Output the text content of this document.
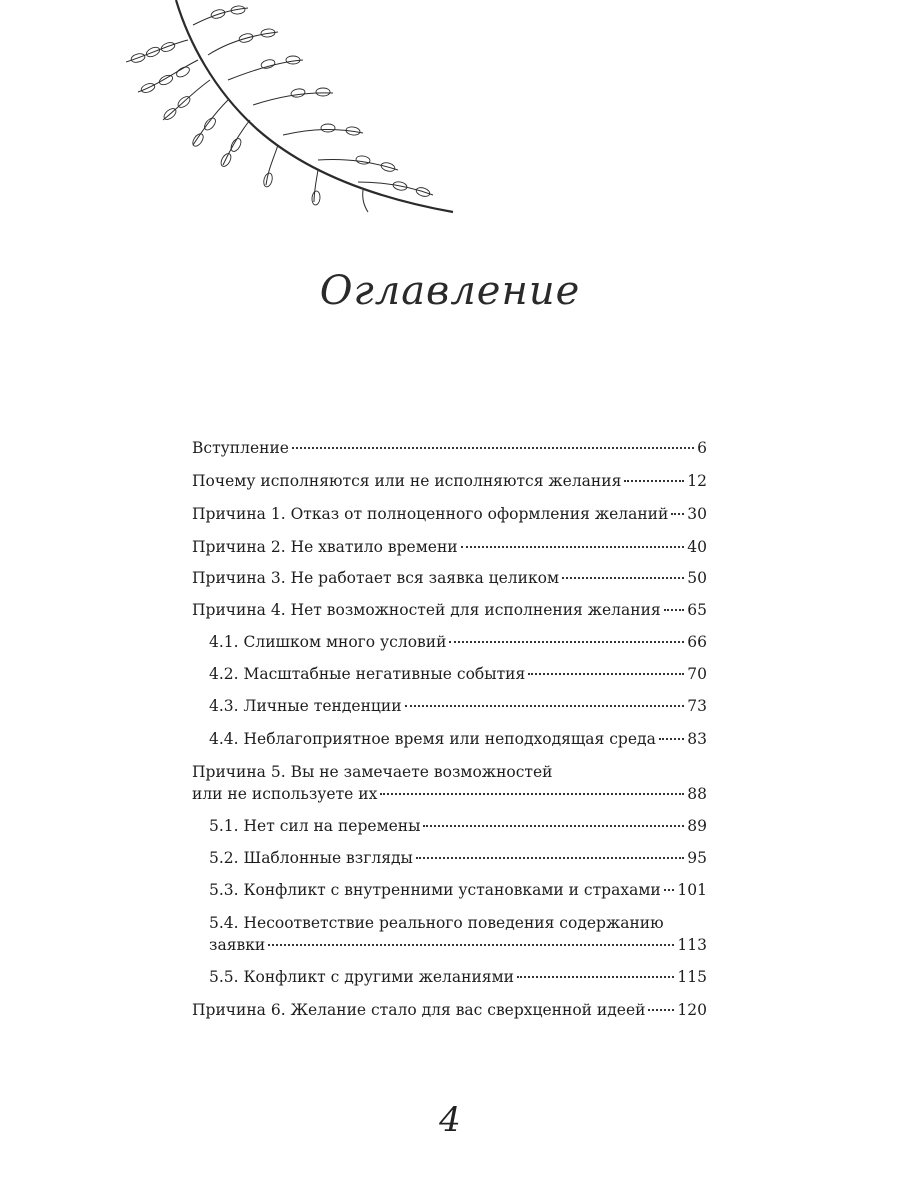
Оглавление
Вступление	6
Почему исполняются или не исполняются желания	12
Причина 1. Отказ от полноценного оформления желаний 30
Причина 2. Не хватило времени	40
Причина 3. Не работает вся заявка целиком	50
Причина 4. Нет возможностей для исполнения желания 65
4.1. Слишком много условий	66
4.2. Масштабные негативные события	70
4.3. Личные тенденции	73
4.4. Неблагоприятное время или неподходящая среда 83
Причина 5. Вы не замечаете возможностей
или не используете их	88
5.1. Нет сил на перемены	89
5.2. Шаблонные взгляды	95
5.3. Конфликт с внутренними установками и страхами 101
5.4. Несоответствие реального поведения содержанию
заявки	113
5.5. Конфликт с другими желаниями	115
Причина 6. Желание стало для вас сверхценной идеей 120
4
